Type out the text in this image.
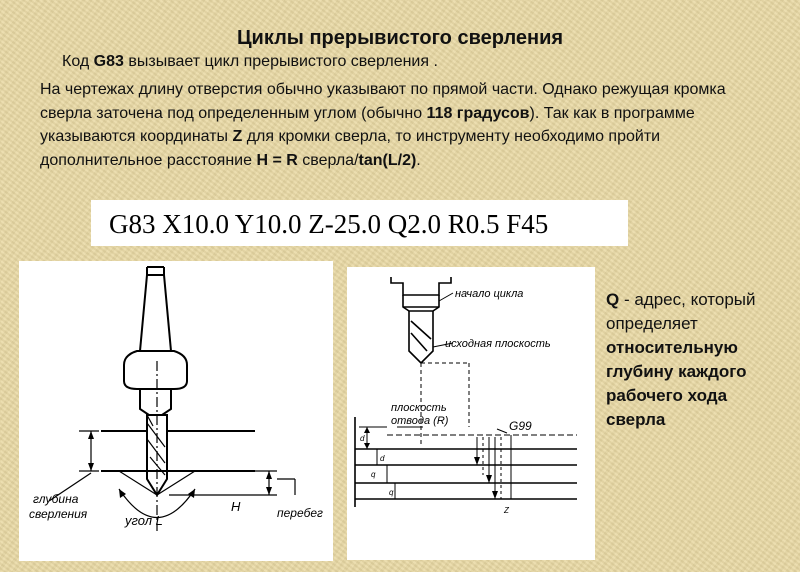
Циклы прерывистого сверления
Код G83 вызывает цикл прерывистого сверления .
На чертежах длину отверстия обычно указывают по прямой части. Однако режущая кромка сверла заточена под определенным углом (обычно 118 градусов). Так как в программе указываются координаты Z для кромки сверла, то инструменту необходимо пройти дополнительное расстояние H = R сверла/tan(L/2).
G83 X10.0 Y10.0 Z-25.0 Q2.0 R0.5 F45
глубина
сверления	угол L
H	перебег
начало цикла
исходная плоскость
плоскость
отвода (R)	G99
d
d
q
q
Z
Q - адрес, который определяет относительную глубину каждого рабочего хода сверла
